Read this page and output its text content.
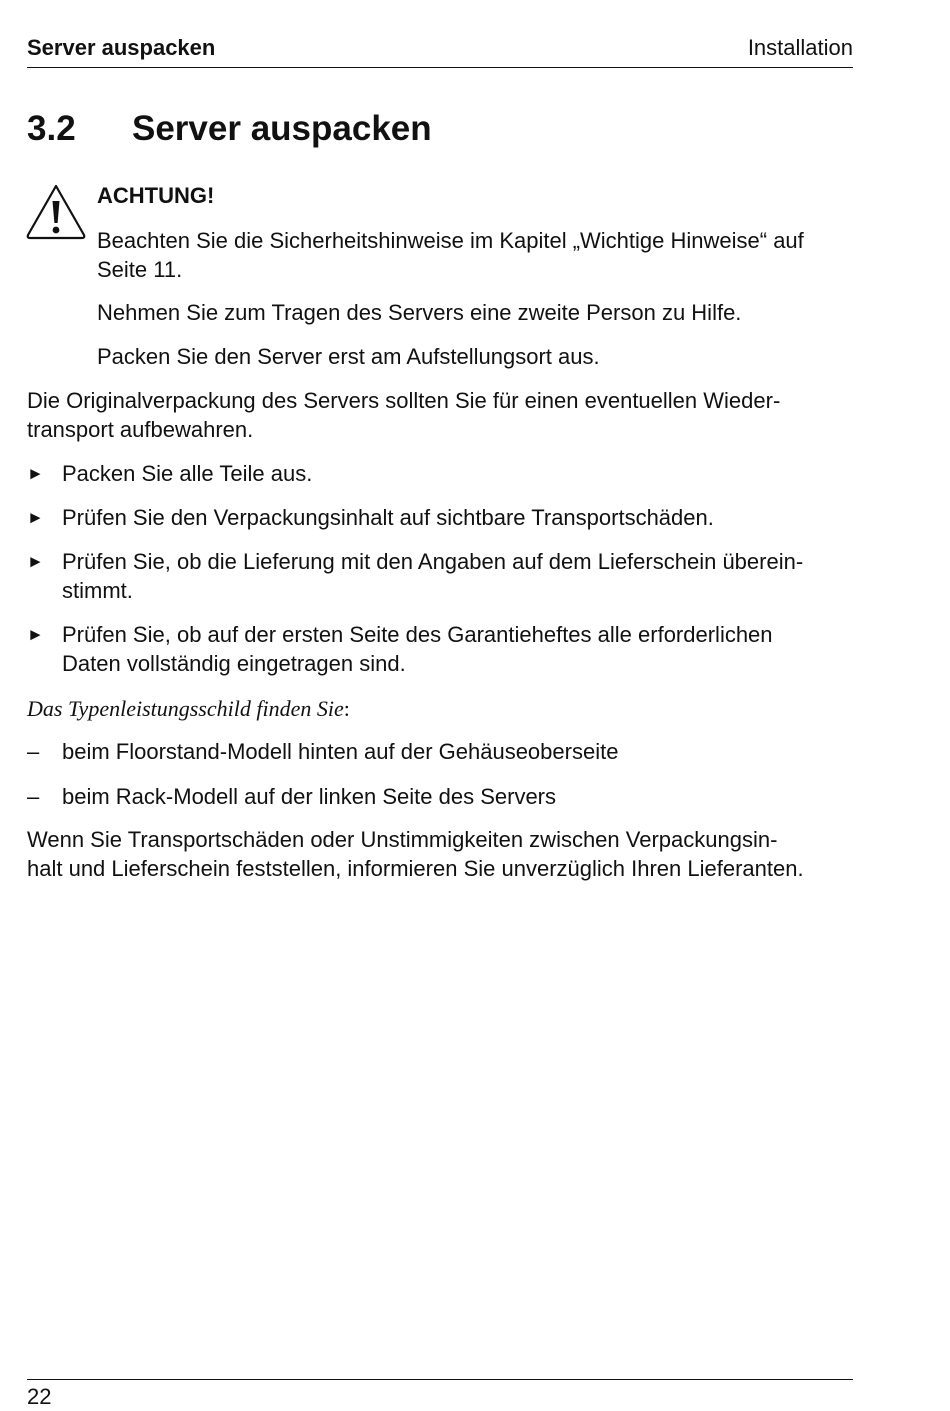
Server auspacken	Installation
3.2 Server auspacken
ACHTUNG!
Beachten Sie die Sicherheitshinweise im Kapitel „Wichtige Hinweise“ auf
Seite 11.
Nehmen Sie zum Tragen des Servers eine zweite Person zu Hilfe.
Packen Sie den Server erst am Aufstellungsort aus.
Die Originalverpackung des Servers sollten Sie für einen eventuellen Wieder-
transport aufbewahren.
► Packen Sie alle Teile aus.
► Prüfen Sie den Verpackungsinhalt auf sichtbare Transportschäden.
► Prüfen Sie, ob die Lieferung mit den Angaben auf dem Lieferschein überein-
stimmt.
► Prüfen Sie, ob auf der ersten Seite des Garantieheftes alle erforderlichen
Daten vollständig eingetragen sind.
Das Typenleistungsschild finden Sie:
– beim Floorstand-Modell hinten auf der Gehäuseoberseite
– beim Rack-Modell auf der linken Seite des Servers
Wenn Sie Transportschäden oder Unstimmigkeiten zwischen Verpackungsin-
halt und Lieferschein feststellen, informieren Sie unverzüglich Ihren Lieferanten.
22
